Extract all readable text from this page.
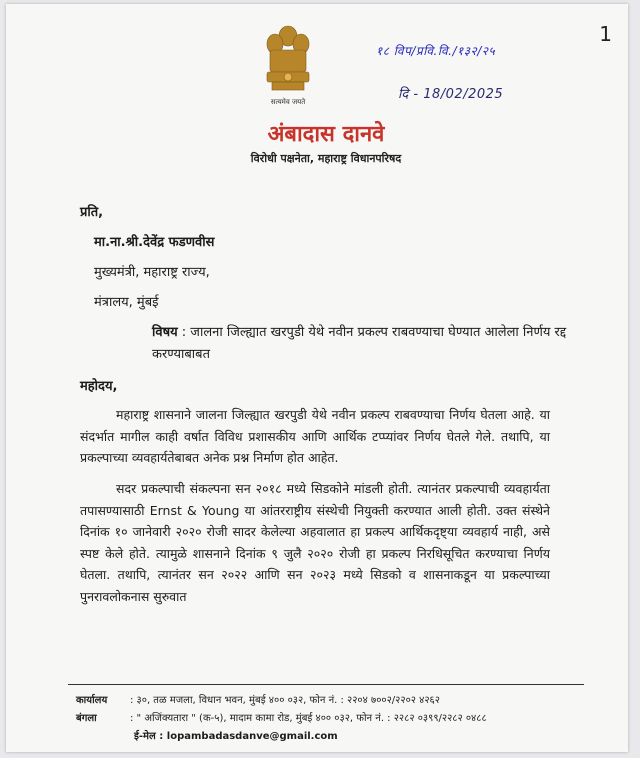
1
सत्यमेव जयते
१८ विप/प्रवि.वि./१३२/२५
दि - 18/02/2025
अंबादास दानवे
विरोधी पक्षनेता, महाराष्ट्र विधानपरिषद
प्रति,
मा.ना.श्री.देवेंद्र फडणवीस
मुख्यमंत्री, महाराष्ट्र राज्य,
मंत्रालय, मुंबई
विषय : जालना जिल्ह्यात खरपुडी येथे नवीन प्रकल्प राबवण्याचा घेण्यात आलेला निर्णय रद्द करण्याबाबत
महोदय,
महाराष्ट्र शासनाने जालना जिल्ह्यात खरपुडी येथे नवीन प्रकल्प राबवण्याचा निर्णय घेतला आहे. या संदर्भात मागील काही वर्षात विविध प्रशासकीय आणि आर्थिक टप्प्यांवर निर्णय घेतले गेले. तथापि, या प्रकल्पाच्या व्यवहार्यतेबाबत अनेक प्रश्न निर्माण होत आहेत.
सदर प्रकल्पाची संकल्पना सन २०१८ मध्ये सिडकोने मांडली होती. त्यानंतर प्रकल्पाची व्यवहार्यता तपासण्यासाठी Ernst & Young या आंतरराष्ट्रीय संस्थेची नियुक्ती करण्यात आली होती. उक्त संस्थेने दिनांक १० जानेवारी २०२० रोजी सादर केलेल्या अहवालात हा प्रकल्प आर्थिकदृष्ट्या व्यवहार्य नाही, असे स्पष्ट केले होते. त्यामुळे शासनाने दिनांक ९ जुलै २०२० रोजी हा प्रकल्प निरधिसूचित करण्याचा निर्णय घेतला. तथापि, त्यानंतर सन २०२२ आणि सन २०२३ मध्ये सिडको व शासनाकडून या प्रकल्पाच्या पुनरावलोकनास सुरुवात
कार्यालय : ३०, तळ मजला, विधान भवन, मुंबई ४०० ०३२, फोन नं. : २२०४ ७००२/२२०२ ४२६२
बंगला	: " अजिंक्यतारा " (क-५), मादाम कामा रोड, मुंबई ४०० ०३२, फोन नं. : २२८२ ०३९९/२२८२ ०४८८
ई-मेल : lopambadasdanve@gmail.com
